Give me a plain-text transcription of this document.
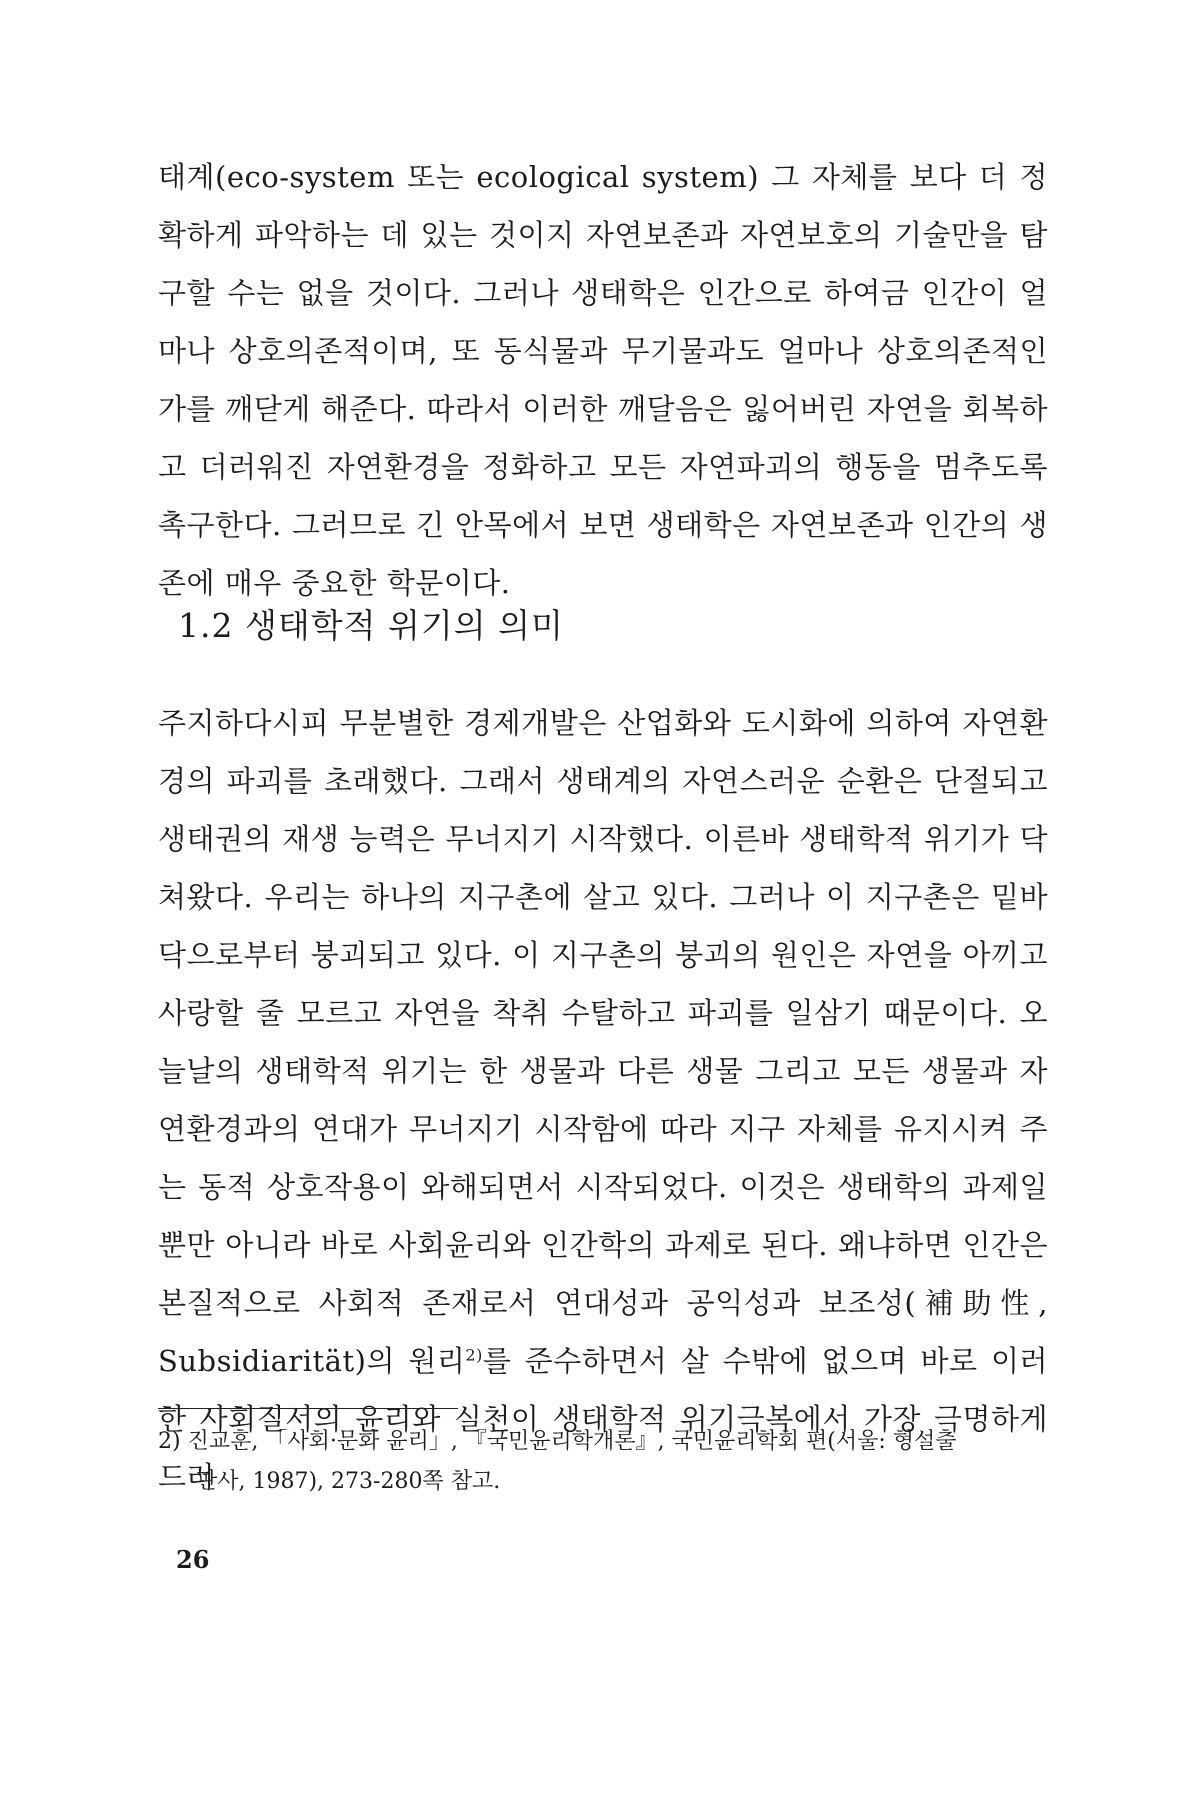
태계(eco-system 또는 ecological system) 그 자체를 보다 더 정확하게 파악하는 데 있는 것이지 자연보존과 자연보호의 기술만을 탐구할 수는 없을 것이다. 그러나 생태학은 인간으로 하여금 인간이 얼마나 상호의존적이며, 또 동식물과 무기물과도 얼마나 상호의존적인가를 깨닫게 해준다. 따라서 이러한 깨달음은 잃어버린 자연을 회복하고 더러워진 자연환경을 정화하고 모든 자연파괴의 행동을 멈추도록 촉구한다. 그러므로 긴 안목에서 보면 생태학은 자연보존과 인간의 생존에 매우 중요한 학문이다.

1.2 생태학적 위기의 의미

주지하다시피 무분별한 경제개발은 산업화와 도시화에 의하여 자연환경의 파괴를 초래했다. 그래서 생태계의 자연스러운 순환은 단절되고 생태권의 재생 능력은 무너지기 시작했다. 이른바 생태학적 위기가 닥쳐왔다. 우리는 하나의 지구촌에 살고 있다. 그러나 이 지구촌은 밑바닥으로부터 붕괴되고 있다. 이 지구촌의 붕괴의 원인은 자연을 아끼고 사랑할 줄 모르고 자연을 착취 수탈하고 파괴를 일삼기 때문이다. 오늘날의 생태학적 위기는 한 생물과 다른 생물 그리고 모든 생물과 자연환경과의 연대가 무너지기 시작함에 따라 지구 자체를 유지시켜 주는 동적 상호작용이 와해되면서 시작되었다. 이것은 생태학의 과제일 뿐만 아니라 바로 사회윤리와 인간학의 과제로 된다. 왜냐하면 인간은 본질적으로 사회적 존재로서 연대성과 공익성과 보조성(補助性, Subsidiarität)의 원리$^{2)}$를 준수하면서 살 수밖에 없으며 바로 이러한 사회질서의 윤리와 실천이 생태학적 위기극복에서 가장 극명하게 드러

2) 진교훈, 「사회·문화 윤리」, 『국민윤리학개론』, 국민윤리학회 편(서울: 형설출
판사, 1987), 273-280쪽 참고.

26
